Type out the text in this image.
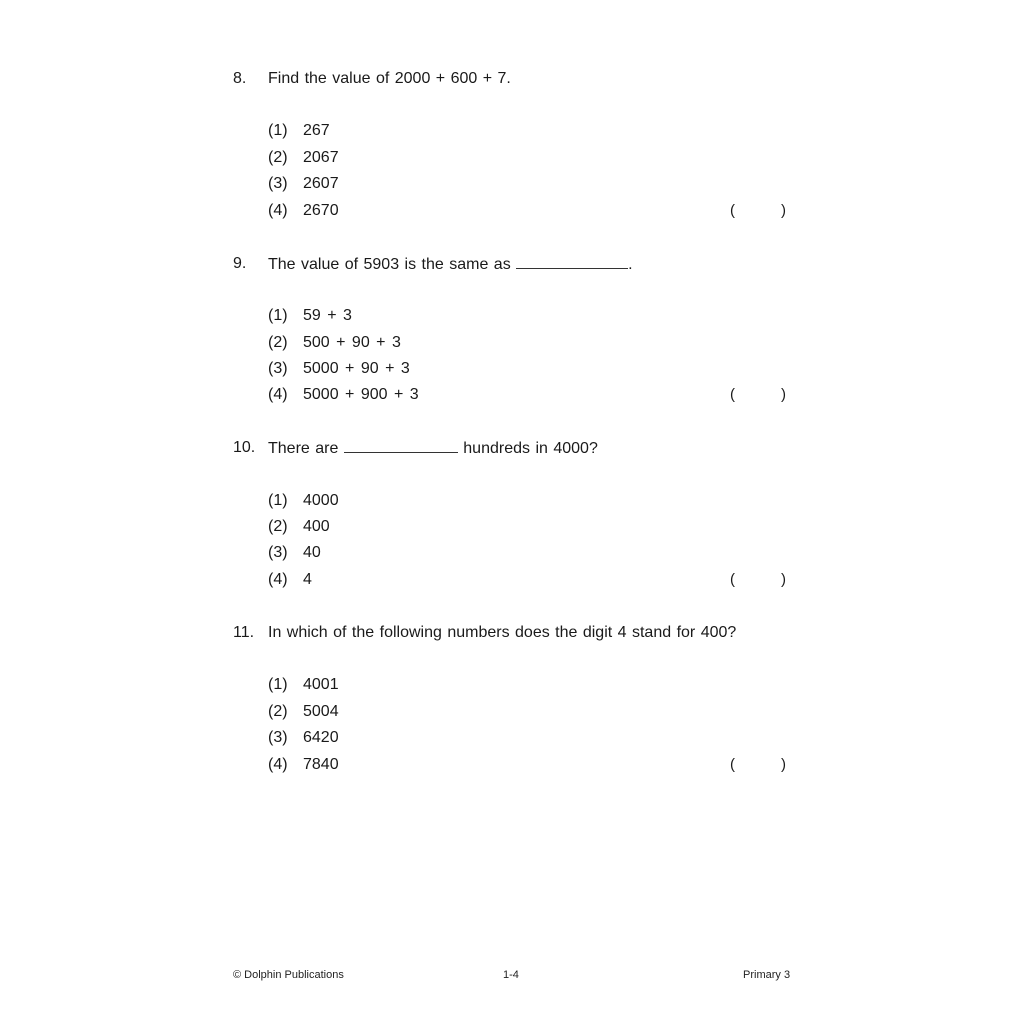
8.	Find the value of 2000 + 600 + 7.
(1) 267
(2) 2067
(3) 2607
(4) 2670	(	)
9.	The value of 5903 is the same as	.
(1) 59 + 3
(2) 500 + 90 + 3
(3) 5000 + 90 + 3
(4) 5000 + 900 + 3	(	)
10. There are	hundreds in 4000?
(1) 4000
(2) 400
(3) 40
(4) 4	(	)
11. In which of the following numbers does the digit 4 stand for 400?
(1) 4001
(2) 5004
(3) 6420
(4) 7840	(	)
© Dolphin Publications	1-4	Primary 3
